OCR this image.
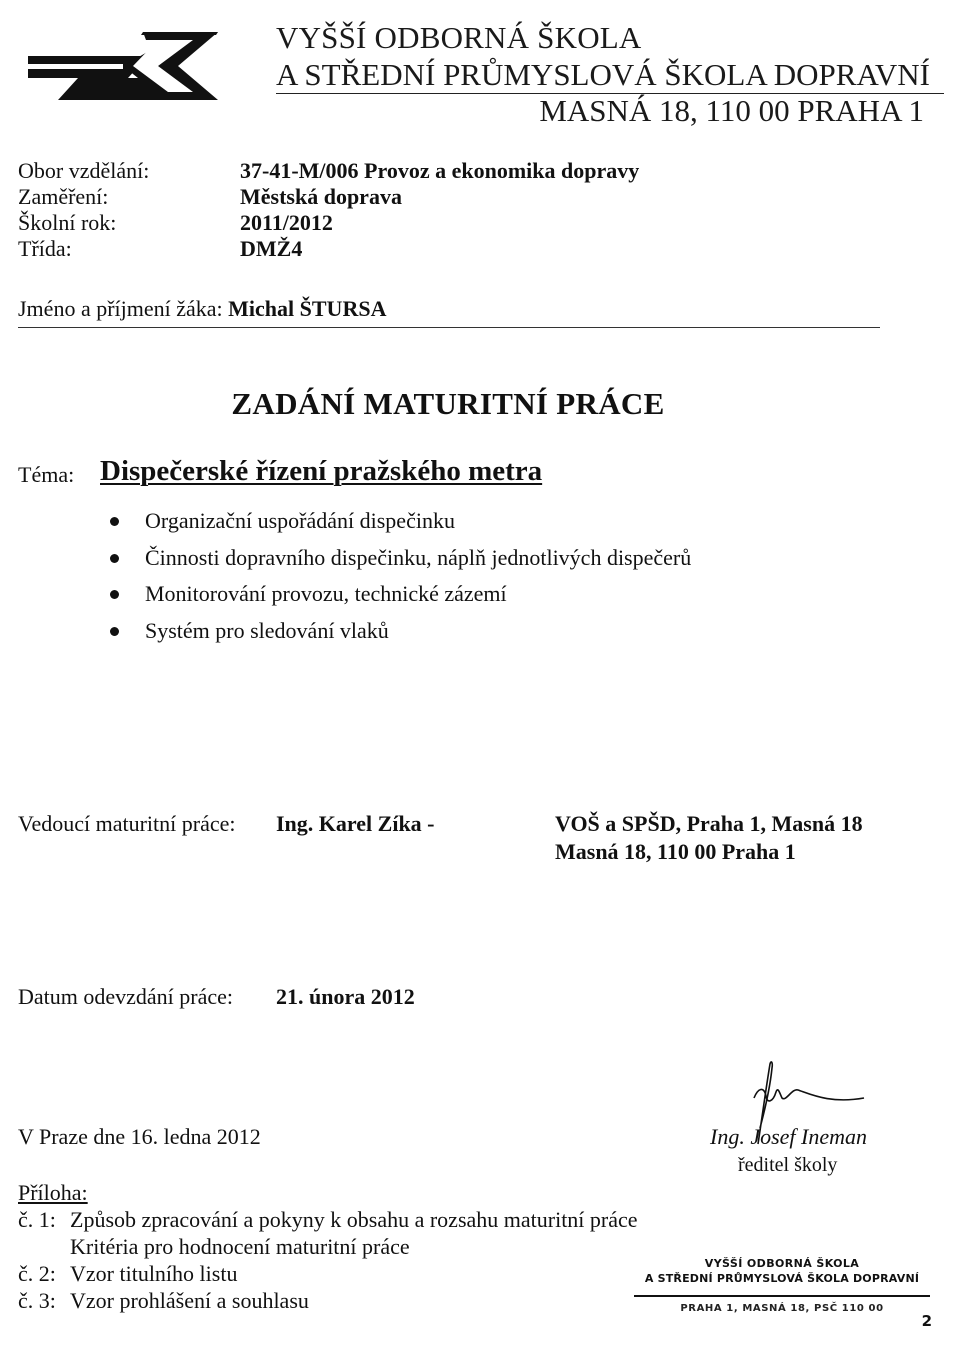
VYŠŠÍ ODBORNÁ ŠKOLA
A STŘEDNÍ PRŮMYSLOVÁ ŠKOLA DOPRAVNÍ
MASNÁ 18, 110 00 PRAHA 1
Obor vzdělání:	37-41-M/006 Provoz a ekonomika dopravy
Zaměření:	Městská doprava
Školní rok:	2011/2012
Třída:	DMŽ4
Jméno a příjmení žáka: Michal ŠTURSA
ZADÁNÍ MATURITNÍ PRÁCE
Téma: Dispečerské řízení pražského metra
Organizační uspořádání dispečinku
Činnosti dopravního dispečinku, náplň jednotlivých dispečerů
Monitorování provozu, technické zázemí
Systém pro sledování vlaků
Vedoucí maturitní práce: Ing. Karel Zíka -	VOŠ a SPŠD, Praha 1, Masná 18
Masná 18, 110 00 Praha 1
Datum odevzdání práce: 21. února 2012
V Praze dne 16. ledna 2012	Ing. Josef Ineman
ředitel školy
Příloha:
č. 1: Způsob zpracování a pokyny k obsahu a rozsahu maturitní práce
Kritéria pro hodnocení maturitní práce
č. 2: Vzor titulního listu
č. 3: Vzor prohlášení a souhlasu
VYŠŠÍ ODBORNÁ ŠKOLA
A STŘEDNÍ PRŮMYSLOVÁ ŠKOLA DOPRAVNÍ
PRAHA 1, MASNÁ 18, PSČ 110 00
2
